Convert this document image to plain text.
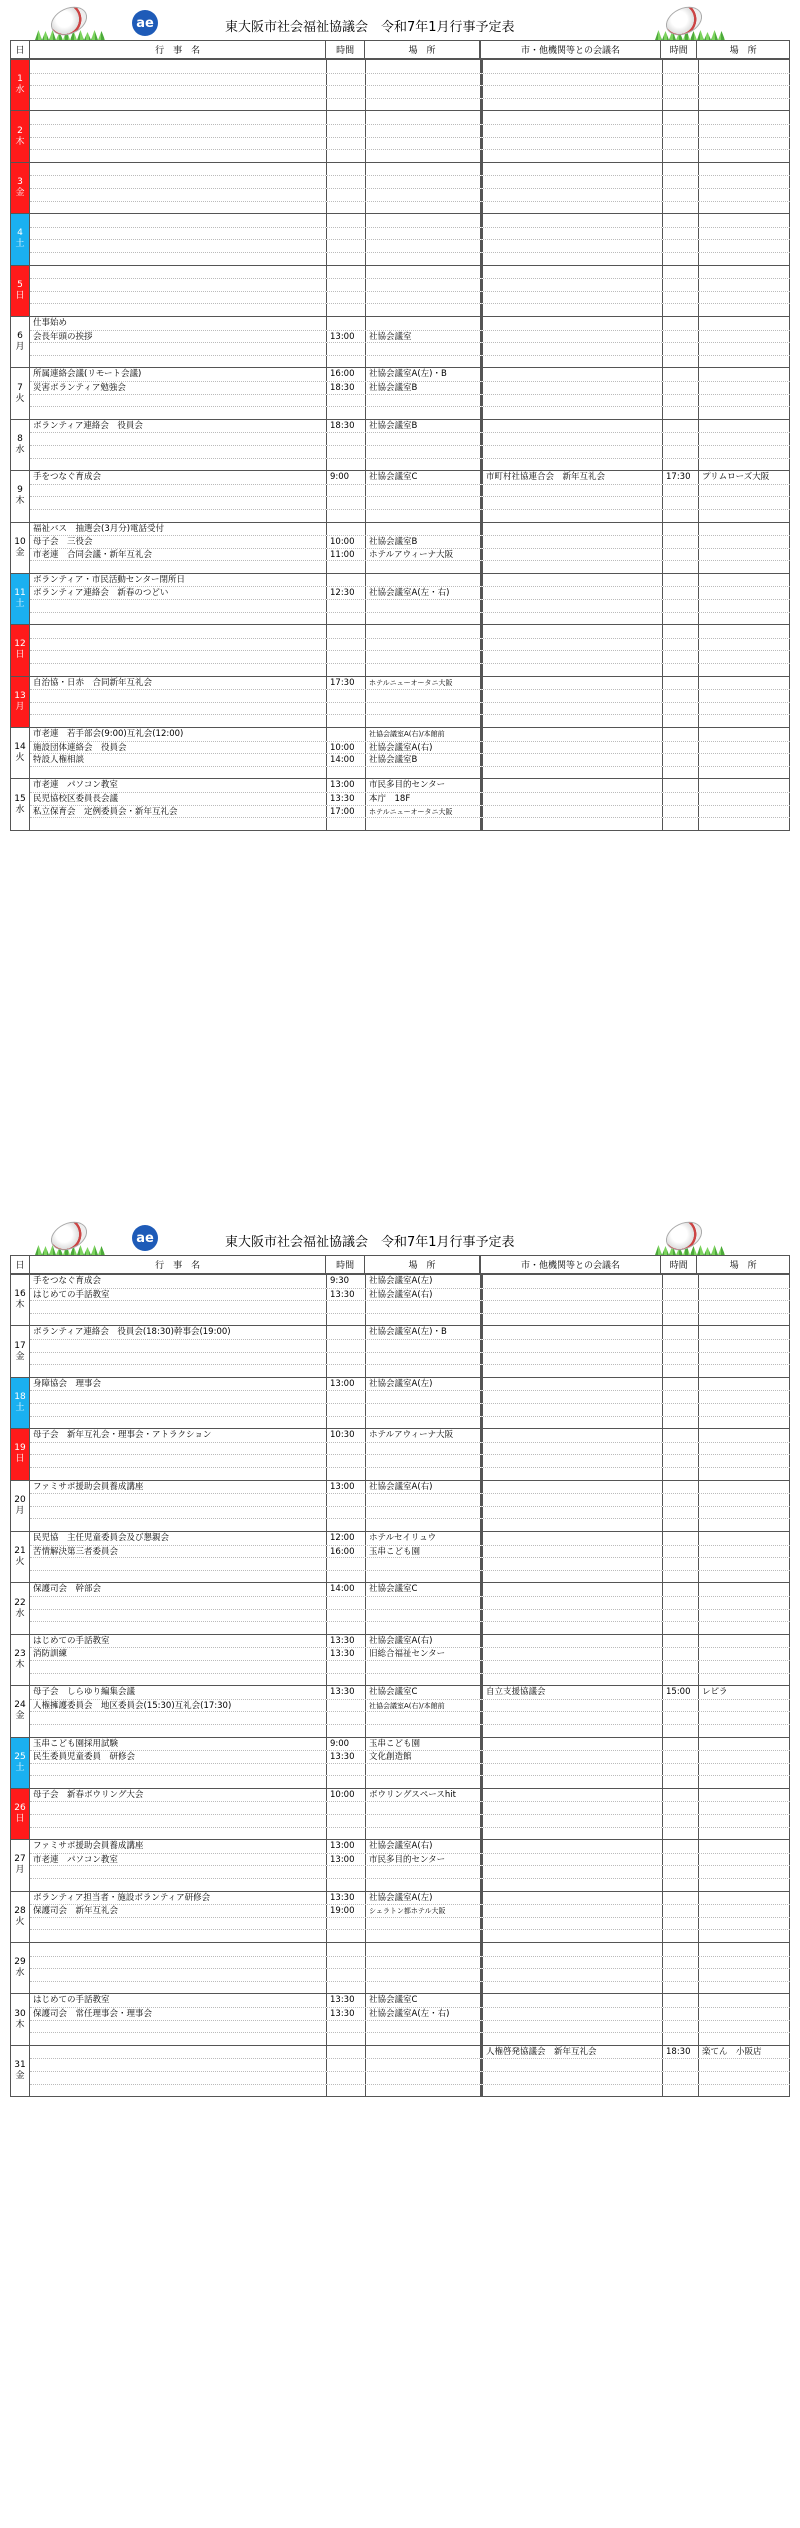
ae	東大阪市社会福祉協議会　令和7年1月行事予定表
日	行　事　名	時間	場　所	市・他機関等との会議名	時間	場　所
1
水
2
木
3
金
4
土
5
日
6
月
仕事始め
会長年頭の挨拶	13:00	社協会議室
7
火
所属連絡会議(リモート会議)	16:00	社協会議室A(左)・B
災害ボランティア勉強会	18:30	社協会議室B
8
水
ボランティア連絡会　役員会	18:30	社協会議室B
9
木
手をつなぐ育成会	9:00	社協会議室C	市町村社協連合会　新年互礼会	17:30	プリムローズ大阪
10
金
福祉バス　抽選会(3月分)電話受付
母子会　三役会	10:00	社協会議室B
市老連　合同会議・新年互礼会	11:00	ホテルアウィーナ大阪
11
土
ボランティア・市民活動センター閉所日
ボランティア連絡会　新春のつどい	12:30	社協会議室A(左・右)
12
日
13
月
自治協・日赤　合同新年互礼会	17:30	ホテルニューオータニ大阪
14
火
市老連　若手部会(9:00)互礼会(12:00)	社協会議室A(右)/本館前
施設団体連絡会　役員会	10:00	社協会議室A(右)
特設人権相談	14:00	社協会議室B
15
水
市老連　パソコン教室	13:00	市民多目的センター
民児協校区委員長会議	13:30	本庁　18F
私立保育会　定例委員会・新年互礼会	17:00	ホテルニューオータニ大阪
ae	東大阪市社会福祉協議会　令和7年1月行事予定表
日	行　事　名	時間	場　所	市・他機関等との会議名	時間	場　所
16
木
手をつなぐ育成会	9:30	社協会議室A(左)
はじめての手話教室	13:30	社協会議室A(右)
17
金
ボランティア連絡会　役員会(18:30)幹事会(19:00)	社協会議室A(左)・B
18
土
身障協会　理事会	13:00	社協会議室A(左)
19
日
母子会　新年互礼会・理事会・アトラクション	10:30	ホテルアウィーナ大阪
20
月
ファミサポ援助会員養成講座	13:00	社協会議室A(右)
21
火
民児協　主任児童委員会及び懇親会	12:00	ホテルセイリュウ
苦情解決第三者委員会	16:00	玉串こども園
22
水
保護司会　幹部会	14:00	社協会議室C
23
木
はじめての手話教室	13:30	社協会議室A(右)
消防訓練	13:30	旧総合福祉センター
24
金
母子会　しらゆり編集会議	13:30	社協会議室C	自立支援協議会	15:00	レピラ
人権擁護委員会　地区委員会(15:30)互礼会(17:30)	社協会議室A(右)/本館前
25
土
玉串こども園採用試験	9:00	玉串こども園
民生委員児童委員　研修会	13:30	文化創造館
26
日
母子会　新春ボウリング大会	10:00	ボウリングスペースhit
27
月
ファミサポ援助会員養成講座	13:00	社協会議室A(右)
市老連　パソコン教室	13:00	市民多目的センター
28
火
ボランティア担当者・施設ボランティア研修会	13:30	社協会議室A(左)
保護司会　新年互礼会	19:00	シェラトン都ホテル大阪
29
水
30
木
はじめての手話教室	13:30	社協会議室C
保護司会　常任理事会・理事会	13:30	社協会議室A(左・右)
31
金
人権啓発協議会　新年互礼会	18:30	楽てん　小阪店
